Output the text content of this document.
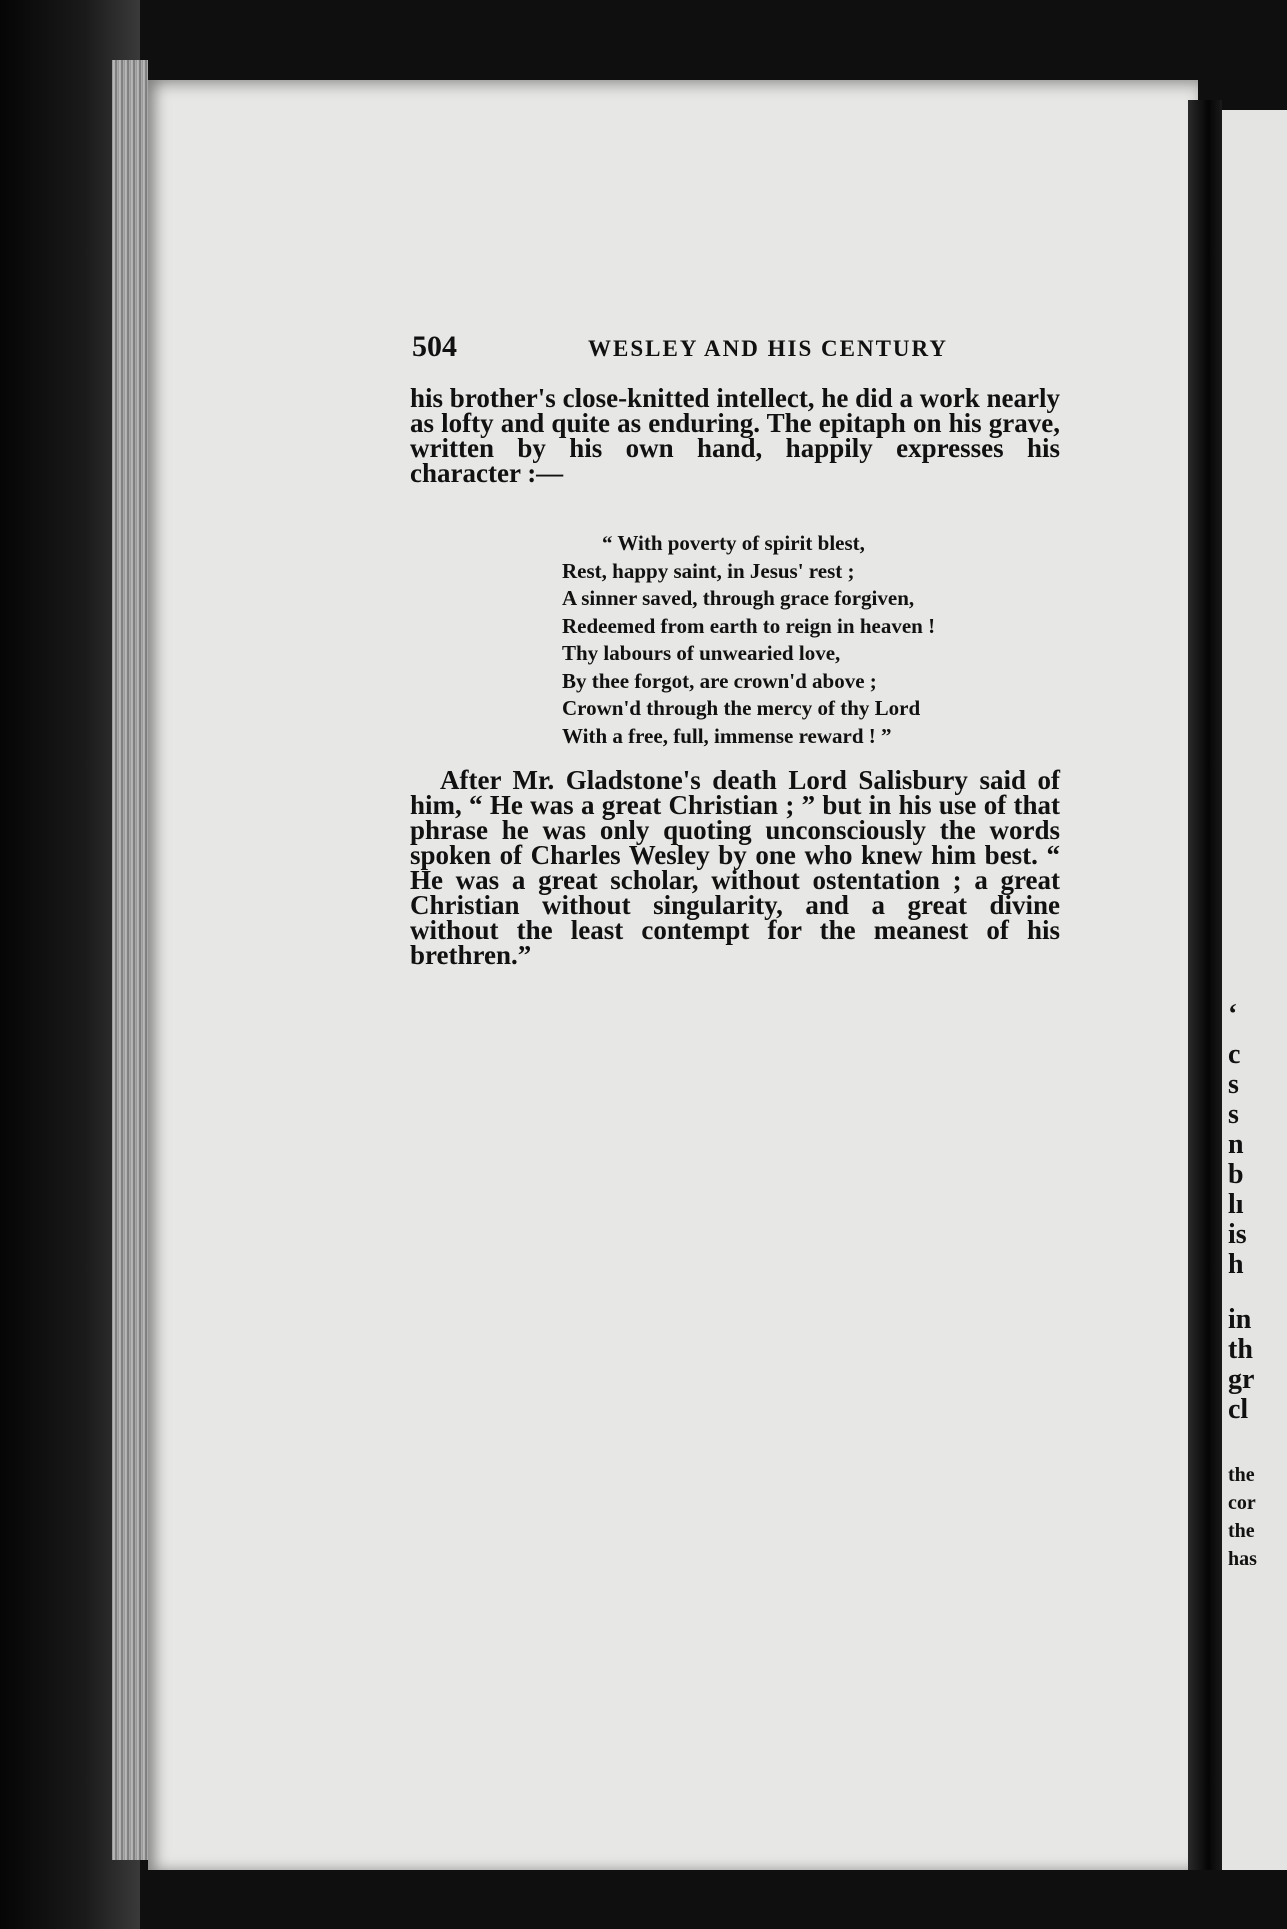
504	WESLEY AND HIS CENTURY
his brother's close-knitted intellect, he did a work nearly as lofty and quite as enduring. The epitaph on his grave, written by his own hand, happily expresses his character :—
“ With poverty of spirit blest,
Rest, happy saint, in Jesus' rest ;
A sinner saved, through grace forgiven,
Redeemed from earth to reign in heaven !
Thy labours of unwearied love,
By thee forgot, are crown'd above ;
Crown'd through the mercy of thy Lord
With a free, full, immense reward ! ”
After Mr. Gladstone's death Lord Salisbury said of him, “ He was a great Christian ; ” but in his use of that phrase he was only quoting unconsciously the words spoken of Charles Wesley by one who knew him best. “ He was a great scholar, without ostentation ; a great Christian without singularity, and a great divine without the least contempt for the meanest of his brethren.”
‘
c
s
s
n
b
lı
is
h
in
th
gr
cl
the
cor
the
has
